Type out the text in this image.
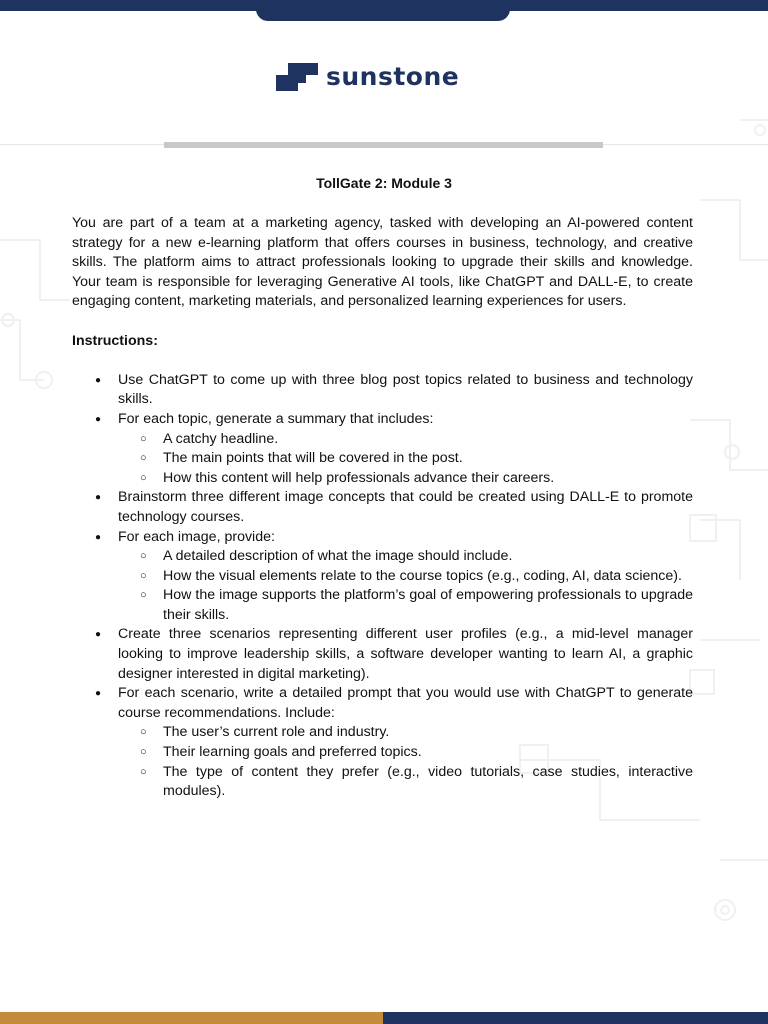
sunstone
TollGate 2: Module 3

You are part of a team at a marketing agency, tasked with developing an AI-powered content strategy for a new e-learning platform that offers courses in business, technology, and creative skills. The platform aims to attract professionals looking to upgrade their skills and knowledge. Your team is responsible for leveraging Generative AI tools, like ChatGPT and DALL-E, to create engaging content, marketing materials, and personalized learning experiences for users.

Instructions:

● Use ChatGPT to come up with three blog post topics related to business and technology skills.
● For each topic, generate a summary that includes:
○ A catchy headline.
○ The main points that will be covered in the post.
○ How this content will help professionals advance their careers.
● Brainstorm three different image concepts that could be created using DALL-E to promote technology courses.
● For each image, provide:
○ A detailed description of what the image should include.
○ How the visual elements relate to the course topics (e.g., coding, AI, data science).
○ How the image supports the platform’s goal of empowering professionals to upgrade their skills.
● Create three scenarios representing different user profiles (e.g., a mid-level manager looking to improve leadership skills, a software developer wanting to learn AI, a graphic designer interested in digital marketing).
● For each scenario, write a detailed prompt that you would use with ChatGPT to generate course recommendations. Include:
○ The user’s current role and industry.
○ Their learning goals and preferred topics.
○ The type of content they prefer (e.g., video tutorials, case studies, interactive modules).
